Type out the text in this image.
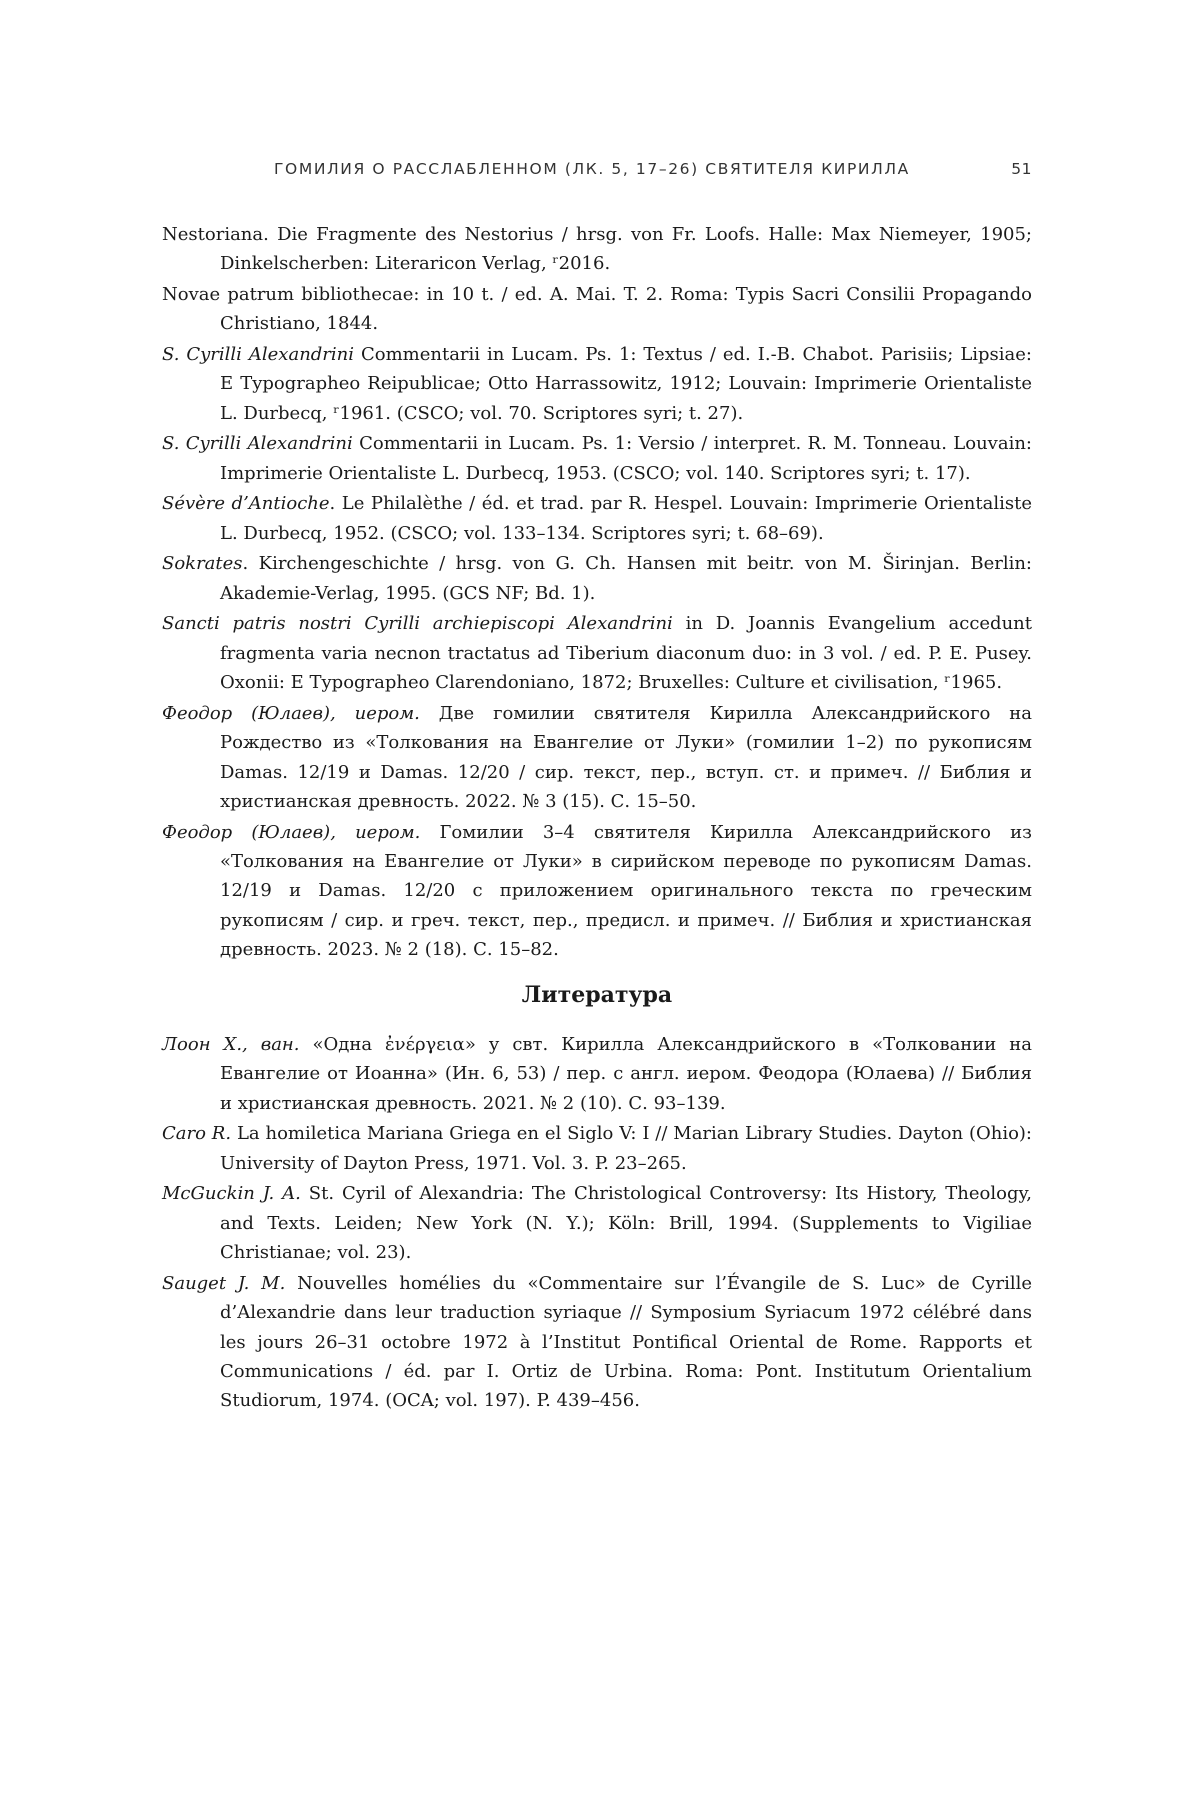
ГОМИЛИЯ О РАССЛАБЛЕННОМ (ЛК. 5, 17–26) СВЯТИТЕЛЯ КИРИЛЛА	51
Nestoriana. Die Fragmente des Nestorius / hrsg. von Fr. Loofs. Halle: Max Niemeyer, 1905; Dinkelscherben: Literaricon Verlag, ʳ2016.
Novae patrum bibliothecae: in 10 t. / ed. A. Mai. T. 2. Roma: Typis Sacri Consilii Propagando Christiano, 1844.
S. Cyrilli Alexandrini Commentarii in Lucam. Ps. 1: Textus / ed. I.-B. Chabot. Parisiis; Lipsiae: E Typographeo Reipublicae; Otto Harrassowitz, 1912; Louvain: Imprimerie Orientaliste L. Durbecq, ʳ1961. (CSCO; vol. 70. Scriptores syri; t. 27).
S. Cyrilli Alexandrini Commentarii in Lucam. Ps. 1: Versio / interpret. R. M. Tonneau. Louvain: Imprimerie Orientaliste L. Durbecq, 1953. (CSCO; vol. 140. Scriptores syri; t. 17).
Sévère d’Antioche. Le Philalèthe / éd. et trad. par R. Hespel. Louvain: Imprimerie Orientaliste L. Durbecq, 1952. (CSCO; vol. 133–134. Scriptores syri; t. 68–69).
Sokrates. Kirchengeschichte / hrsg. von G. Ch. Hansen mit beitr. von M. Širinjan. Berlin: Akademie-Verlag, 1995. (GCS NF; Bd. 1).
Sancti patris nostri Cyrilli archiepiscopi Alexandrini in D. Joannis Evangelium accedunt fragmenta varia necnon tractatus ad Tiberium diaconum duo: in 3 vol. / ed. P. E. Pusey. Oxonii: E Typographeo Clarendoniano, 1872; Bruxelles: Culture et civilisation, ʳ1965.
Феодор (Юлаев), иером. Две гомилии святителя Кирилла Александрийского на Рождество из «Толкования на Евангелие от Луки» (гомилии 1–2) по рукописям Damas. 12/19 и Damas. 12/20 / сир. текст, пер., вступ. ст. и примеч. // Библия и христианская древность. 2022. № 3 (15). С. 15–50.
Феодор (Юлаев), иером. Гомилии 3–4 святителя Кирилла Александрийского из «Толкования на Евангелие от Луки» в сирийском переводе по рукописям Damas. 12/19 и Damas. 12/20 с приложением оригинального текста по греческим рукописям / сир. и греч. текст, пер., предисл. и примеч. // Библия и христианская древность. 2023. № 2 (18). С. 15–82.
Литература
Лоон Х., ван. «Одна ἐνέργεια» у свт. Кирилла Александрийского в «Толковании на Евангелие от Иоанна» (Ин. 6, 53) / пер. с англ. иером. Феодора (Юлаева) // Библия и христианская древность. 2021. № 2 (10). С. 93–139.
Caro R. La homiletica Mariana Griega en el Siglo V: I // Marian Library Studies. Dayton (Ohio): University of Dayton Press, 1971. Vol. 3. P. 23–265.
McGuckin J. A. St. Cyril of Alexandria: The Christological Controversy: Its History, Theology, and Texts. Leiden; New York (N. Y.); Köln: Brill, 1994. (Supplements to Vigiliae Christianae; vol. 23).
Sauget J. M. Nouvelles homélies du «Commentaire sur l’Évangile de S. Luc» de Cyrille d’Alexandrie dans leur traduction syriaque // Symposium Syriacum 1972 célébré dans les jours 26–31 octobre 1972 à l’Institut Pontifical Oriental de Rome. Rapports et Communications / éd. par I. Ortiz de Urbina. Roma: Pont. Institutum Orientalium Studiorum, 1974. (OCA; vol. 197). P. 439–456.
